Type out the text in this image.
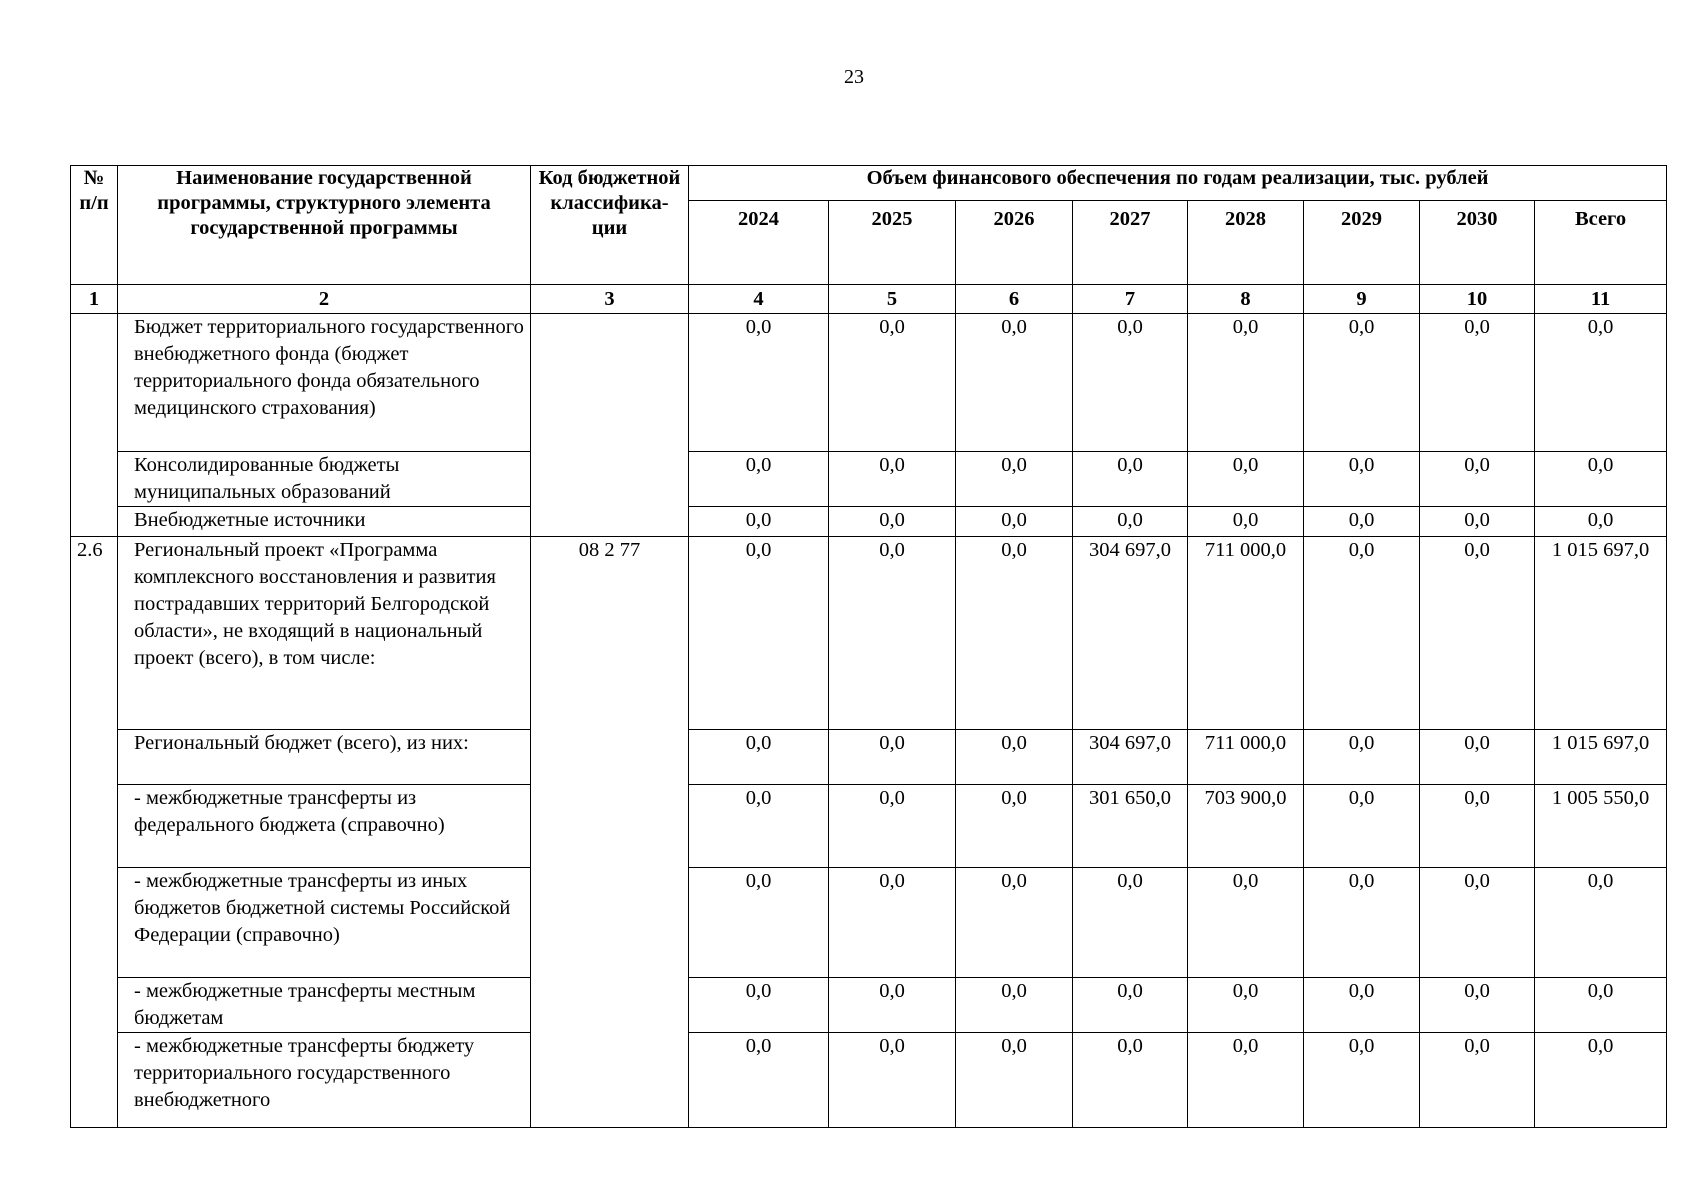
23
№ п/п	Наименование государственной программы, структурного элемента государственной программы	Код бюджетной классифика-ции	Объем финансового обеспечения по годам реализации, тыс. рублей							
			2024	2025	2026	2027	2028	2029	2030	Всего
1	2	3	4	5	6	7	8	9	10	11
	Бюджет территориального государственного внебюджетного фонда (бюджет территориального фонда обязательного медицинского страхования)		0,0	0,0	0,0	0,0	0,0	0,0	0,0	0,0
	Консолидированные бюджеты муниципальных образований		0,0	0,0	0,0	0,0	0,0	0,0	0,0	0,0
	Внебюджетные источники		0,0	0,0	0,0	0,0	0,0	0,0	0,0	0,0
2.6	Региональный проект «Программа комплексного восстановления и развития пострадавших территорий Белгородской области», не входящий в национальный проект (всего), в том числе:	08 2 77	0,0	0,0	0,0	304 697,0	711 000,0	0,0	0,0	1 015 697,0
	Региональный бюджет (всего), из них:		0,0	0,0	0,0	304 697,0	711 000,0	0,0	0,0	1 015 697,0
	- межбюджетные трансферты из федерального бюджета (справочно)		0,0	0,0	0,0	301 650,0	703 900,0	0,0	0,0	1 005 550,0
	- межбюджетные трансферты из иных бюджетов бюджетной системы Российской Федерации (справочно)		0,0	0,0	0,0	0,0	0,0	0,0	0,0	0,0
	- межбюджетные трансферты местным бюджетам		0,0	0,0	0,0	0,0	0,0	0,0	0,0	0,0
	- межбюджетные трансферты бюджету территориального государственного внебюджетного		0,0	0,0	0,0	0,0	0,0	0,0	0,0	0,0
